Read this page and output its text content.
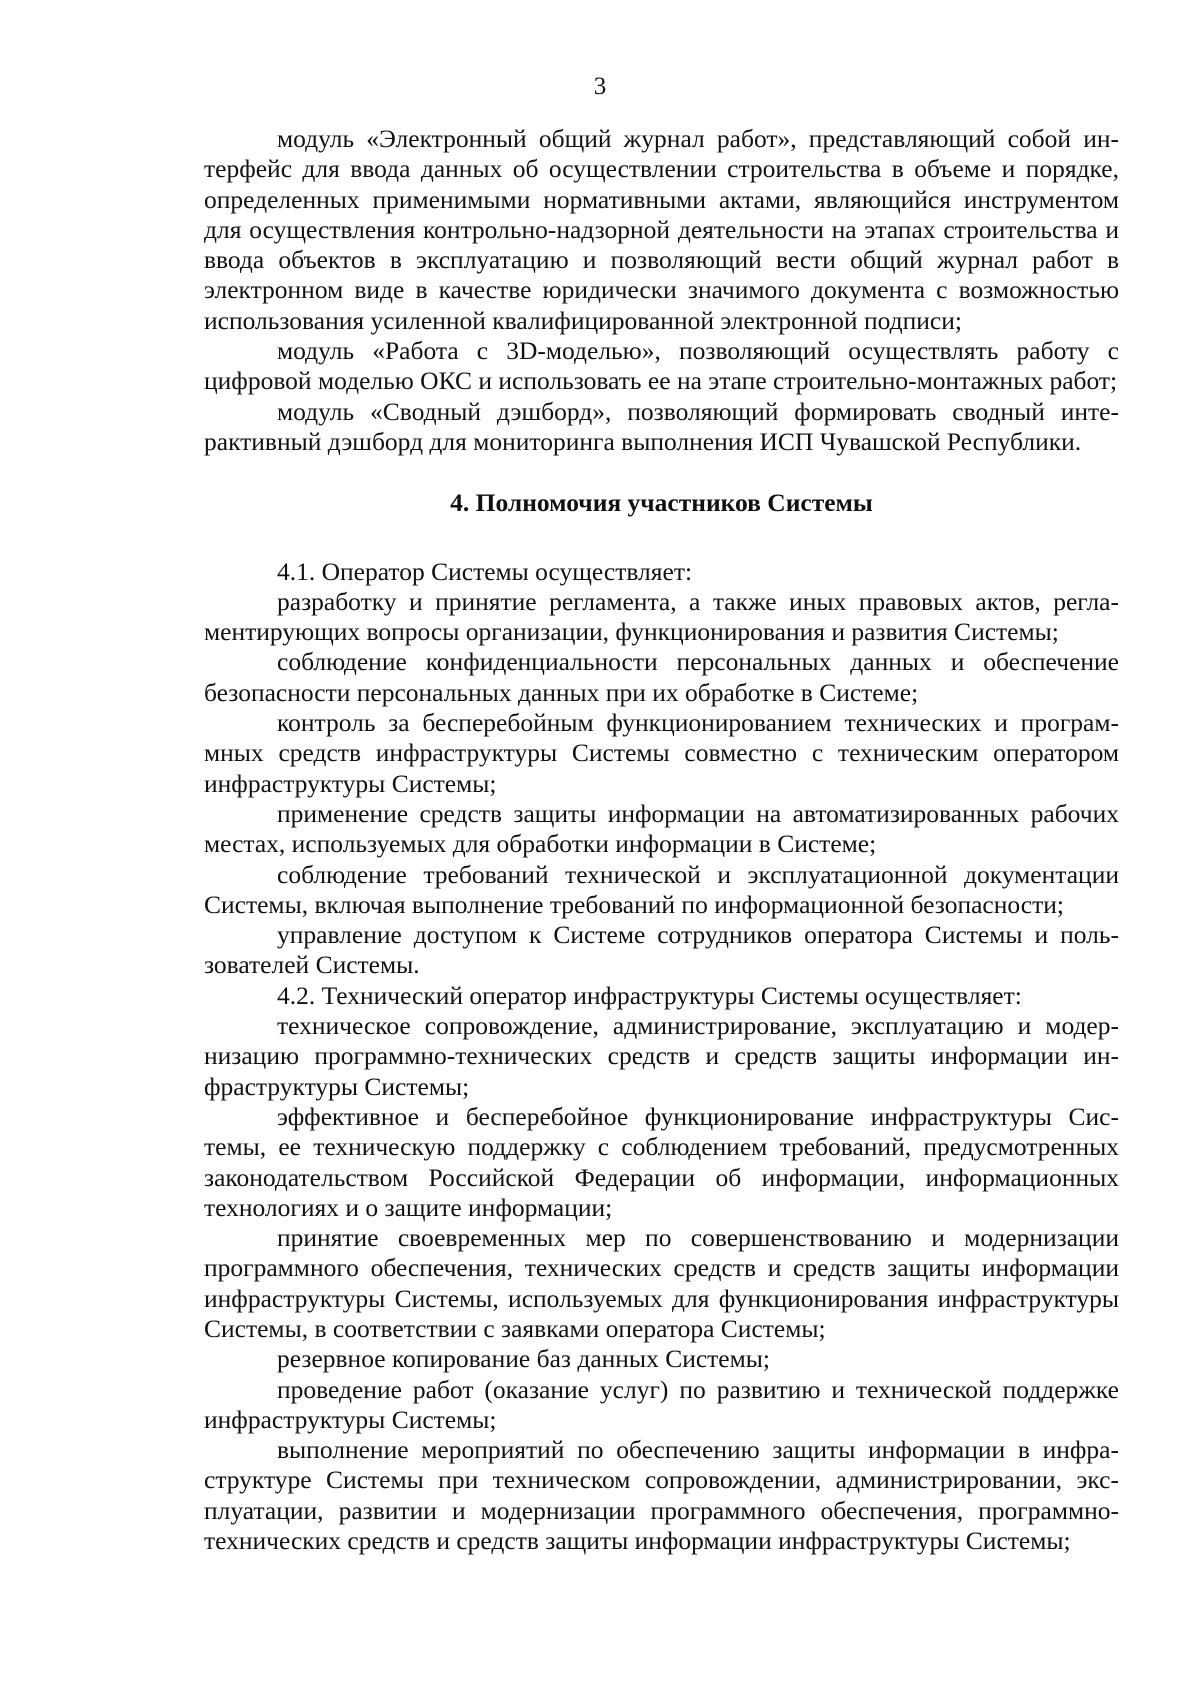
3

модуль «Электронный общий журнал работ», представляющий собой интерфейс для ввода данных об осуществлении строительства в объеме и порядке, определенных применимыми нормативными актами, являющийся инструментом для осуществления контрольно-надзорной деятельности на этапах строительства и ввода объектов в эксплуатацию и позволяющий вести общий журнал работ в электронном виде в качестве юридически значимого документа с возможностью использования усиленной квалифицированной электронной подписи;

модуль «Работа с 3D-моделью», позволяющий осуществлять работу с цифровой моделью ОКС и использовать ее на этапе строительно-монтажных работ;

модуль «Сводный дэшборд», позволяющий формировать сводный интерактивный дэшборд для мониторинга выполнения ИСП Чувашской Республики.

4. Полномочия участников Системы

4.1. Оператор Системы осуществляет:

разработку и принятие регламента, а также иных правовых актов, регламентирующих вопросы организации, функционирования и развития Системы;

соблюдение конфиденциальности персональных данных и обеспечение безопасности персональных данных при их обработке в Системе;

контроль за бесперебойным функционированием технических и программных средств инфраструктуры Системы совместно с техническим оператором инфраструктуры Системы;

применение средств защиты информации на автоматизированных рабочих местах, используемых для обработки информации в Системе;

соблюдение требований технической и эксплуатационной документации Системы, включая выполнение требований по информационной безопасности;

управление доступом к Системе сотрудников оператора Системы и пользователей Системы.

4.2. Технический оператор инфраструктуры Системы осуществляет:

техническое сопровождение, администрирование, эксплуатацию и модернизацию программно-технических средств и средств защиты информации инфраструктуры Системы;

эффективное и бесперебойное функционирование инфраструктуры Системы, ее техническую поддержку с соблюдением требований, предусмотренных законодательством Российской Федерации об информации, информационных технологиях и о защите информации;

принятие своевременных мер по совершенствованию и модернизации программного обеспечения, технических средств и средств защиты информации инфраструктуры Системы, используемых для функционирования инфраструктуры Системы, в соответствии с заявками оператора Системы;

резервное копирование баз данных Системы;

проведение работ (оказание услуг) по развитию и технической поддержке инфраструктуры Системы;

выполнение мероприятий по обеспечению защиты информации в инфраструктуре Системы при техническом сопровождении, администрировании, эксплуатации, развитии и модернизации программного обеспечения, программно-технических средств и средств защиты информации инфраструктуры Системы;
